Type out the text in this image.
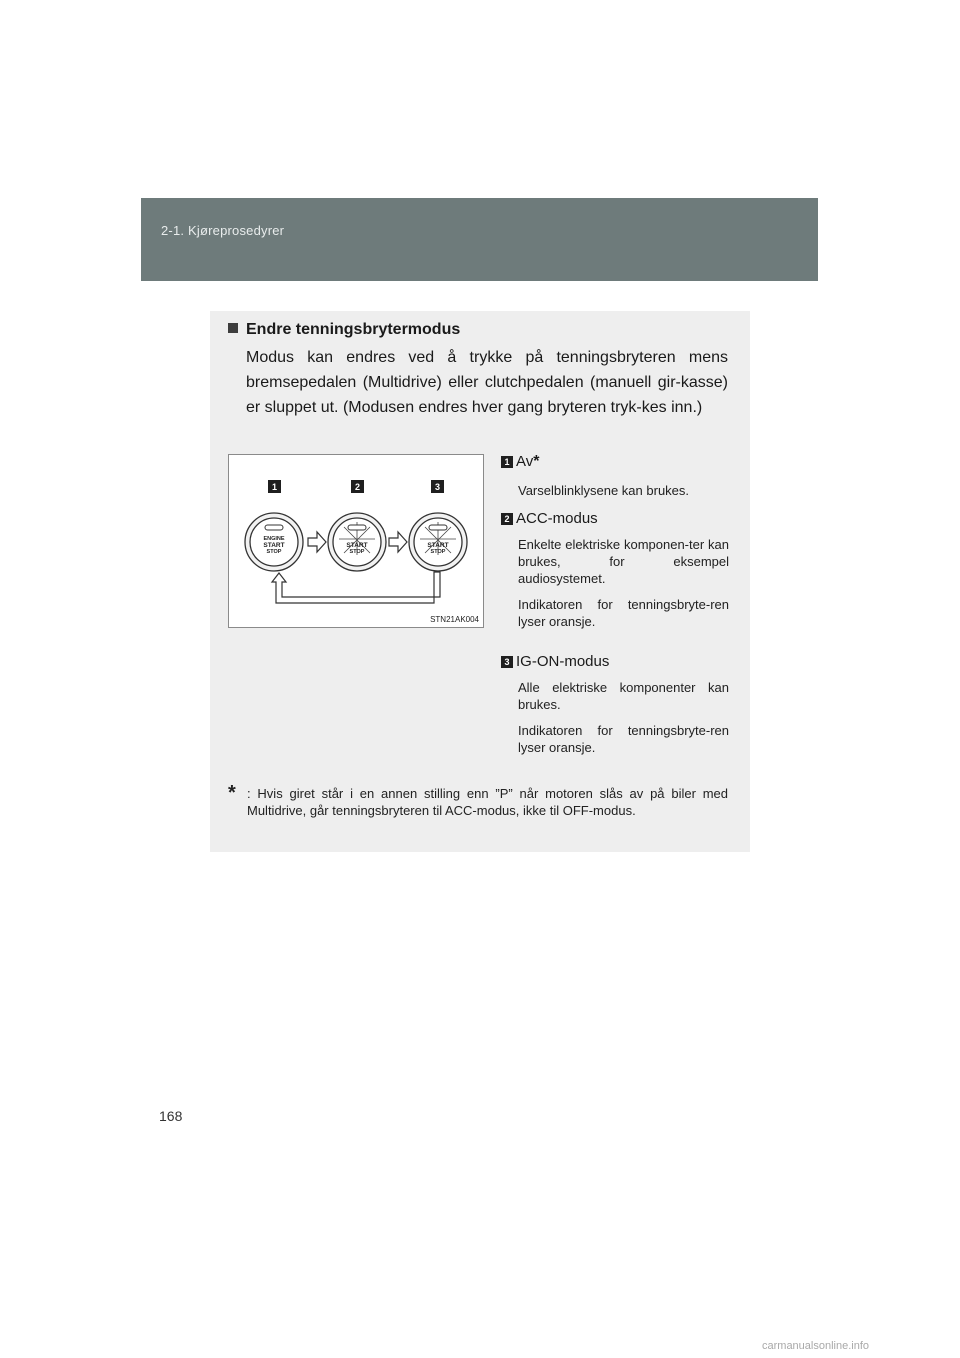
2-1. Kjøreprosedyrer
Endre tenningsbrytermodus

Modus kan endres ved å trykke på tenningsbryteren mens bremsepedalen (Multidrive) eller clutchpedalen (manuell gir-kasse) er sluppet ut. (Modusen endres hver gang bryteren tryk-kes inn.)

1	2	3
ENGINE
START
STOP
START
STOP
START
STOP
STN21AK004

1 Av *

Varselblinklysene kan brukes.

2 ACC-modus

Enkelte elektriske komponen-ter kan brukes, for eksempel audiosystemet.

Indikatoren for tenningsbryte-ren lyser oransje.

3 IG-ON-modus

Alle elektriske komponenter kan brukes.

Indikatoren for tenningsbryte-ren lyser oransje.

* : Hvis giret står i en annen stilling enn ”P” når motoren slås av på biler med Multidrive, går tenningsbryteren til ACC-modus, ikke til OFF-modus.
168
carmanualsonline.info
